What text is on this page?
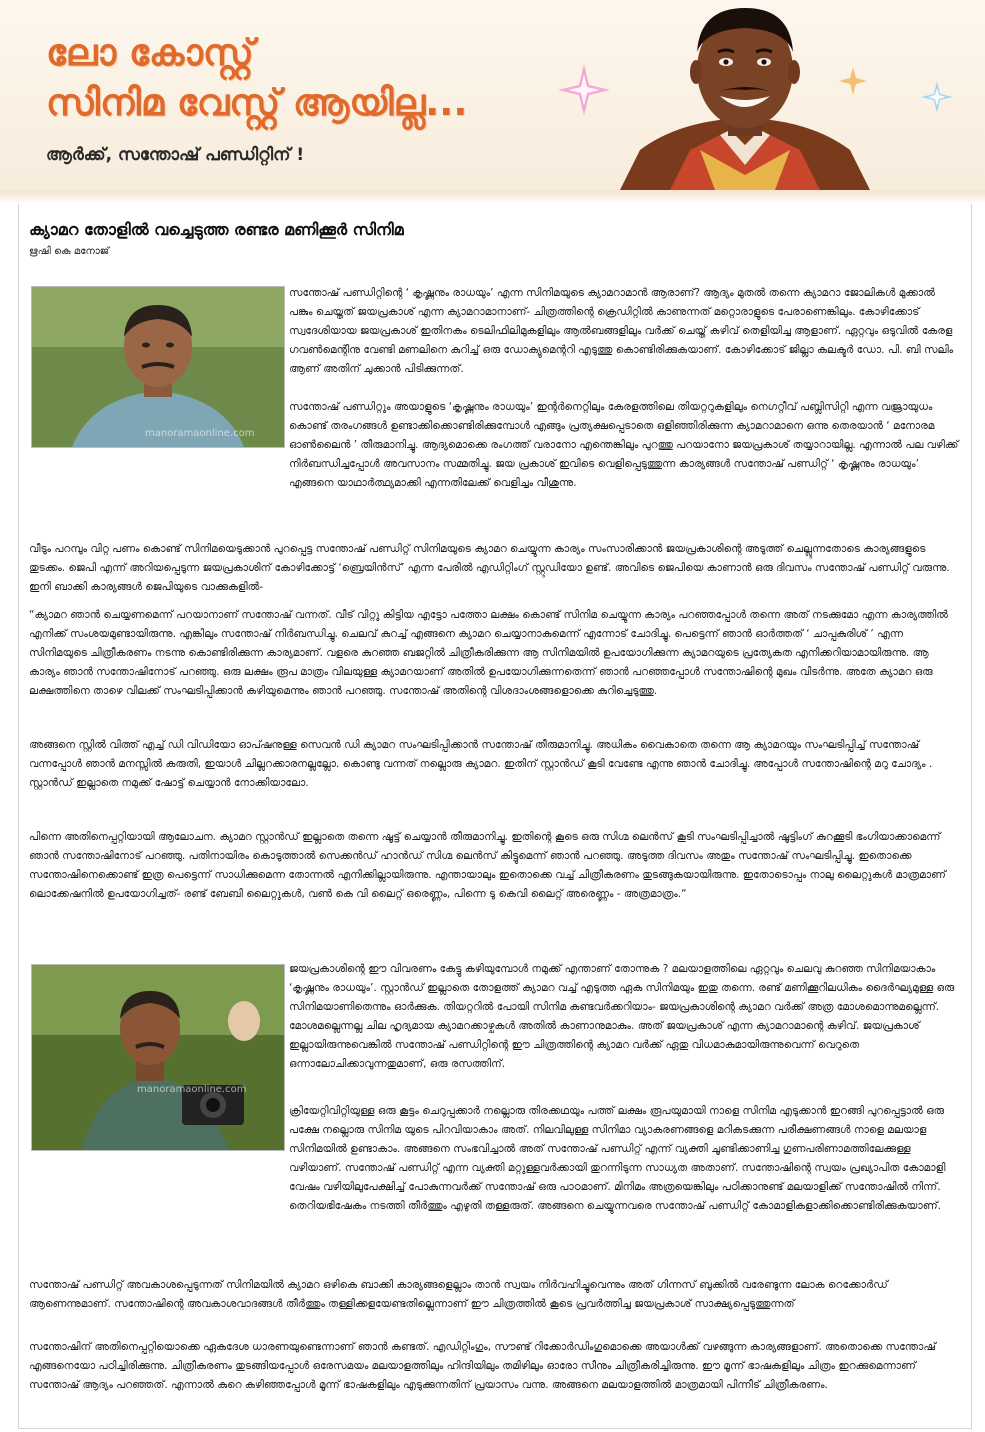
ലോ കോസ്റ്റ്
സിനിമ വേസ്റ്റ് ആയില്ല...

ആർക്ക്, സന്തോഷ് പണ്ഡിറ്റിന് !

ക്യാമറ തോളിൽ വച്ചെടുത്ത രണ്ടര മണിക്കൂർ സിനിമ
ഋഷി കെ മനോജ്
manoramaonline.com
manoramaonline.com

സന്തോഷ് പണ്ഡിറ്റിന്റെ ‘ കൃഷ്ണനും രാധയും’ എന്ന സിനിമയുടെ ക്യാമറാമാൻ ആരാണ്? ആദ്യം മുതൽ തന്നെ ക്യാമറാ ജോലികൾ മുക്കാൽ പങ്കും ചെയ്തത് ജയപ്രകാശ് എന്ന ക്യാമറാമാനാണ്- ചിത്രത്തിന്റെ ക്രെഡിറ്റിൽ കാണുന്നത് മറ്റൊരാളുടെ പേരാണെങ്കിലും. കോഴിക്കോട് സ്വദേശിയായ ജയപ്രകാശ് ഇതിനകം ടെലിഫിലിമുകളിലും ആൽബങ്ങളിലും വർക്ക് ചെയ്ത് കഴിവ് തെളിയിച്ച ആളാണ്. ഏറ്റവും ഒടുവിൽ കേരള ഗവൺമെന്റിനു വേണ്ടി മണലിനെ കുറിച്ച് ഒരു ഡോക്യുമെന്ററി എടുത്തു കൊണ്ടിരിക്കുകയാണ്. കോഴിക്കോട് ജില്ലാ കലക്ടർ ഡോ. പി. ബി സലിം ആണ് അതിന് ചുക്കാൻ പിടിക്കുന്നത്.

സന്തോഷ് പണ്ഡിറ്റും അയാളുടെ ‘കൃഷ്ണനും രാധയും’ ഇന്റർനെറ്റിലും കേരളത്തിലെ തിയറ്ററുകളിലും നെഗറ്റീവ് പബ്ലിസിറ്റി എന്ന വജ്രായുധം കൊണ്ട് തരംഗങ്ങൾ ഉണ്ടാക്കിക്കൊണ്ടിരിക്കുമ്പോൾ എങ്ങും പ്രത്യക്ഷപ്പെടാതെ ഒളിഞ്ഞിരിക്കുന്ന ക്യാമറാമാനെ ഒന്നു തെരയാൻ ‘ മനോരമ ഓൺലൈൻ ’ തീരുമാനിച്ചു. ആദ്യമൊക്കെ രംഗത്ത് വരാനോ എന്തെങ്കിലും പുറത്തു പറയാനോ ജയപ്രകാശ് തയ്യാറായില്ല. എന്നാൽ പല വഴിക്ക് നിർബന്ധിച്ചപ്പോൾ അവസാനം സമ്മതിച്ചു. ജയ പ്രകാശ് ഇവിടെ വെളിപ്പെടുത്തുന്ന കാര്യങ്ങൾ സന്തോഷ് പണ്ഡിറ്റ് ‘ കൃഷ്ണനും രാധയും’ എങ്ങനെ യാഥാർത്ഥ്യമാക്കി എന്നതിലേക്ക് വെളിച്ചം വീശുന്നു.

വീടും പറമ്പും വിറ്റ പണം കൊണ്ട് സിനിമയെടുക്കാൻ പുറപ്പെട്ട സന്തോഷ് പണ്ഡിറ്റ് സിനിമയുടെ ക്യാമറ ചെയ്യുന്ന കാര്യം സംസാരിക്കാൻ ജയപ്രകാശിന്റെ അടുത്ത് ചെല്ലുന്നതോടെ കാര്യങ്ങളുടെ തുടക്കം. ജെപി എന്ന് അറിയപ്പെടുന്ന ജയപ്രകാശിന് കോഴിക്കോട്ട് ‘ബ്രെയിൻസ്’ എന്ന പേരിൽ എഡിറ്റിംഗ് സ്റ്റുഡിയോ ഉണ്ട്. അവിടെ ജെപിയെ കാണാൻ ഒരു ദിവസം സന്തോഷ് പണ്ഡിറ്റ് വരുന്നു. ഇനി ബാക്കി കാര്യങ്ങൾ ജെപിയുടെ വാക്കുകളിൽ-

“ക്യാമറ ഞാൻ ചെയ്യണമെന്ന് പറയാനാണ് സന്തോഷ് വന്നത്. വീട് വിറ്റു കിട്ടിയ എട്ടോ പത്തോ ലക്ഷം കൊണ്ട് സിനിമ ചെയ്യുന്ന കാര്യം പറഞ്ഞപ്പോൾ തന്നെ അത് നടക്കുമോ എന്ന കാര്യത്തിൽ എനിക്ക് സംശയമുണ്ടായിരുന്നു. എങ്കിലും സന്തോഷ് നിർബന്ധിച്ചു. ചെലവ് കുറച്ച് എങ്ങനെ ക്യാമറ ചെയ്യാനാകുമെന്ന് എന്നോട് ചോദിച്ചു. പെട്ടെന്ന് ഞാൻ ഓർത്തത് ‘ ചാപ്പകുരിശ് ’ എന്ന സിനിമയുടെ ചിത്രീകരണം നടന്നു കൊണ്ടിരിക്കുന്ന കാര്യമാണ്. വളരെ കുറഞ്ഞ ബജറ്റിൽ ചിത്രീകരിക്കുന്ന ആ സിനിമയിൽ ഉപയോഗിക്കുന്ന ക്യാമറയുടെ പ്രത്യേകത എനിക്കറിയാമായിരുന്നു. ആ കാര്യം ഞാൻ സന്തോഷിനോട് പറഞ്ഞു. ഒരു ലക്ഷം രൂപ മാത്രം വിലയുള്ള ക്യാമറയാണ് അതിൽ ഉപയോഗിക്കുന്നതെന്ന് ഞാൻ പറഞ്ഞപ്പോൾ സന്തോഷിന്റെ മുഖം വിടർന്നു. അതേ ക്യാമറ ഒരു ലക്ഷത്തിനെ താഴെ വിലക്ക് സംഘടിപ്പിക്കാൻ കഴിയുമെന്നും ഞാൻ പറഞ്ഞു. സന്തോഷ് അതിന്റെ വിശദാംശങ്ങളൊക്കെ കുറിച്ചെടുത്തു.

അങ്ങനെ സ്റ്റിൽ വിത്ത് എച്ച് ഡി വിഡിയോ ഓപ്ഷനുള്ള സെവൻ ഡി ക്യാമറ സംഘടിപ്പിക്കാൻ സന്തോഷ് തീരുമാനിച്ചു. അധികം വൈകാതെ തന്നെ ആ ക്യാമറയും സംഘടിപ്പിച്ച് സന്തോഷ് വന്നപ്പോൾ ഞാൻ മനസ്സിൽ കരുതി, ഇയാൾ ചില്ലറക്കാരനല്ലല്ലോ. കൊണ്ടു വന്നത് നല്ലൊരു ക്യാമറ. ഇതിന് സ്റ്റാൻഡ് കൂടി വേണ്ടേ എന്നു ഞാൻ ചോദിച്ചു. അപ്പോൾ സന്തോഷിന്റെ മറു ചോദ്യം . സ്റ്റാൻഡ് ഇല്ലാതെ നമുക്ക് ഷോട്ട് ചെയ്യാൻ നോക്കിയാലോ.

പിന്നെ അതിനെപ്പറ്റിയായി ആലോചന. ക്യാമറ സ്റ്റാൻഡ് ഇല്ലാതെ തന്നെ ഷൂട്ട് ചെയ്യാൻ തീരുമാനിച്ചു. ഇതിന്റെ കൂടെ ഒരു സിഗ്മ ലെൻസ് കൂടി സംഘടിപ്പിച്ചാൽ ഷൂട്ടിംഗ് കുറക്കൂടി ഭംഗിയാക്കാമെന്ന് ഞാൻ സന്തോഷിനോട് പറഞ്ഞു. പതിനായിരം കൊടുത്താൽ സെക്കൻഡ് ഹാൻഡ് സിഗ്മ ലെൻസ് കിട്ടുമെന്ന് ഞാൻ പറഞ്ഞു. അടുത്ത ദിവസം അതും സന്തോഷ് സംഘടിപ്പിച്ചു. ഇതൊക്കെ സന്തോഷിനെക്കൊണ്ട് ഇത്ര പെട്ടെന്ന് സാധിക്കുമെന്ന തോന്നൽ എനിക്കില്ലായിരുന്നു. എന്തായാലും ഇതൊക്കെ വച്ച് ചിത്രീകരണം തുടങ്ങുകയായിരുന്നു. ഇതോടൊപ്പം നാലു ലൈറ്റുകൾ മാത്രമാണ് ലൊക്കേഷനിൽ ഉപയോഗിച്ചത്- രണ്ട് ബേബി ലൈറ്റുകൾ, വൺ കെ വി ലൈറ്റ് ഒരെണ്ണം, പിന്നെ ടു കെവി ലൈറ്റ് അരെണ്ണം - അത്രമാത്രം.“

ജയപ്രകാശിന്റെ ഈ വിവരണം കേട്ടു കഴിയുമ്പോൾ നമുക്ക് എന്താണ് തോന്നുക ? മലയാളത്തിലെ ഏറ്റവും ചെലവു കുറഞ്ഞ സിനിമയാകാം ‘കൃഷ്ണനും രാധയും’. സ്റ്റാൻഡ് ഇല്ലാതെ തോളത്ത് ക്യാമറ വച്ച് എടുത്ത ഏക സിനിമയും ഇതു തന്നെ. രണ്ട് മണിക്കൂറിലധികം ദൈർഘ്യമുള്ള ഒരു സിനിമയാണിതെന്നും ഓർക്കുക. തിയറ്ററിൽ പോയി സിനിമ കണ്ടവർക്കറിയാം- ജയപ്രകാശിന്റെ ക്യാമറ വർക്ക് അത്ര മോശമൊന്നുമല്ലെന്ന്. മോശമല്ലെന്നല്ല ചില ഹൃദ്യമായ ക്യാമറക്കാഴ്ചകൾ അതിൽ കാണാനുമാകും. അത് ജയപ്രകാശ് എന്ന ക്യാമറാമാന്റെ കഴിവ്. ജയപ്രകാശ് ഇല്ലായിരുന്നുവെങ്കിൽ സന്തോഷ് പണ്ഡിറ്റിന്റെ ഈ ചിത്രത്തിന്റെ ക്യാമറ വർക്ക് ഏതു വിധമാകുമായിരുന്നുവെന്ന് വെറുതെ ഒന്നാലോചിക്കാവുന്നതുമാണ്, ഒരു രസത്തിന്.

ക്രിയേറ്റിവിറ്റിയുള്ള ഒരു കൂട്ടം ചെറുപ്പക്കാർ നല്ലൊരു തിരക്കഥയും പത്ത് ലക്ഷം രൂപയുമായി നാളെ സിനിമ എടുക്കാൻ ഇറങ്ങി പുറപ്പെട്ടാൽ ഒരു പക്ഷേ നല്ലൊരു സിനിമ യുടെ പിറവിയാകാം അത്. നിലവിലുള്ള സിനിമാ വ്യാകരണങ്ങളെ മറികടക്കുന്ന പരീക്ഷണങ്ങൾ നാളെ മലയാള സിനിമയിൽ ഉണ്ടാകാം. അങ്ങനെ സംഭവിച്ചാൽ അത് സന്തോഷ് പണ്ഡിറ്റ് എന്ന് വ്യക്തി ചൂണ്ടിക്കാണിച്ച ഗുണപരിണാമത്തിലേക്കുള്ള വഴിയാണ്. സന്തോഷ് പണ്ഡിറ്റ് എന്ന വ്യക്തി മറ്റുള്ളവർക്കായി തുറന്നിടുന്ന സാധ്യത അതാണ്. സന്തോഷിന്റെ സ്വയം പ്രഖ്യാപിത കോമാളി വേഷം വഴിയിലുപേക്ഷിച്ച് പോകുന്നവർക്ക് സന്തോഷ് ഒരു പാഠമാണ്. മിനിമം അത്രയെങ്കിലും പഠിക്കാനുണ്ട് മലയാളിക്ക് സന്തോഷിൽ നിന്ന്. തെറിയഭിഷേകം നടത്തി തീർത്തും എഴുതി തള്ളരുത്. അങ്ങനെ ചെയ്യുന്നവരെ സന്തോഷ് പണ്ഡിറ്റ് കോമാളികളാക്കിക്കൊണ്ടിരിക്കുകയാണ്.

സന്തോഷ് പണ്ഡിറ്റ് അവകാശപ്പെടുന്നത് സിനിമയിൽ ക്യാമറ ഒഴികെ ബാക്കി കാര്യങ്ങളെല്ലാം താൻ സ്വയം നിർവഹിച്ചുവെന്നും അത് ഗിന്നസ് ബുക്കിൽ വരേണ്ടുന്ന ലോക റെക്കോർഡ് ആണെന്നുമാണ്. സന്തോഷിന്റെ അവകാശവാദങ്ങൾ തീർത്തും തള്ളിക്കളയേണ്ടതില്ലെന്നാണ് ഈ ചിത്രത്തിൽ കൂടെ പ്രവർത്തിച്ച ജയപ്രകാശ് സാക്ഷ്യപ്പെടുത്തുന്നത്

സന്തോഷിന് അതിനെപ്പറ്റിയൊക്കെ ഏകദേശ ധാരണയുണ്ടെന്നാണ് ഞാൻ കണ്ടത്. എഡിറ്റിംഗും, സൗണ്ട് റിക്കോർഡിംഗുമൊക്കെ അയാൾക്ക് വഴങ്ങുന്ന കാര്യങ്ങളാണ്. അതൊക്കെ സന്തോഷ് എങ്ങനെയോ പഠിച്ചിരിക്കുന്നു. ചിത്രീകരണം തുടങ്ങിയപ്പോൾ ഒരേസമയം മലയാളത്തിലും ഹിന്ദിയിലും തമിഴിലും ഓരോ സീനും ചിത്രീകരിച്ചിരുന്നു. ഈ മൂന്ന് ഭാഷകളിലും ചിത്രം ഇറക്കുമെന്നാണ് സന്തോഷ് ആദ്യം പറഞ്ഞത്. എന്നാൽ കുറെ കഴിഞ്ഞപ്പോൾ മൂന്ന് ഭാഷകളിലും എടുക്കുന്നതിന് പ്രയാസം വന്നു. അങ്ങനെ മലയാളത്തിൽ മാത്രമായി പിന്നീട് ചിത്രീകരണം.
